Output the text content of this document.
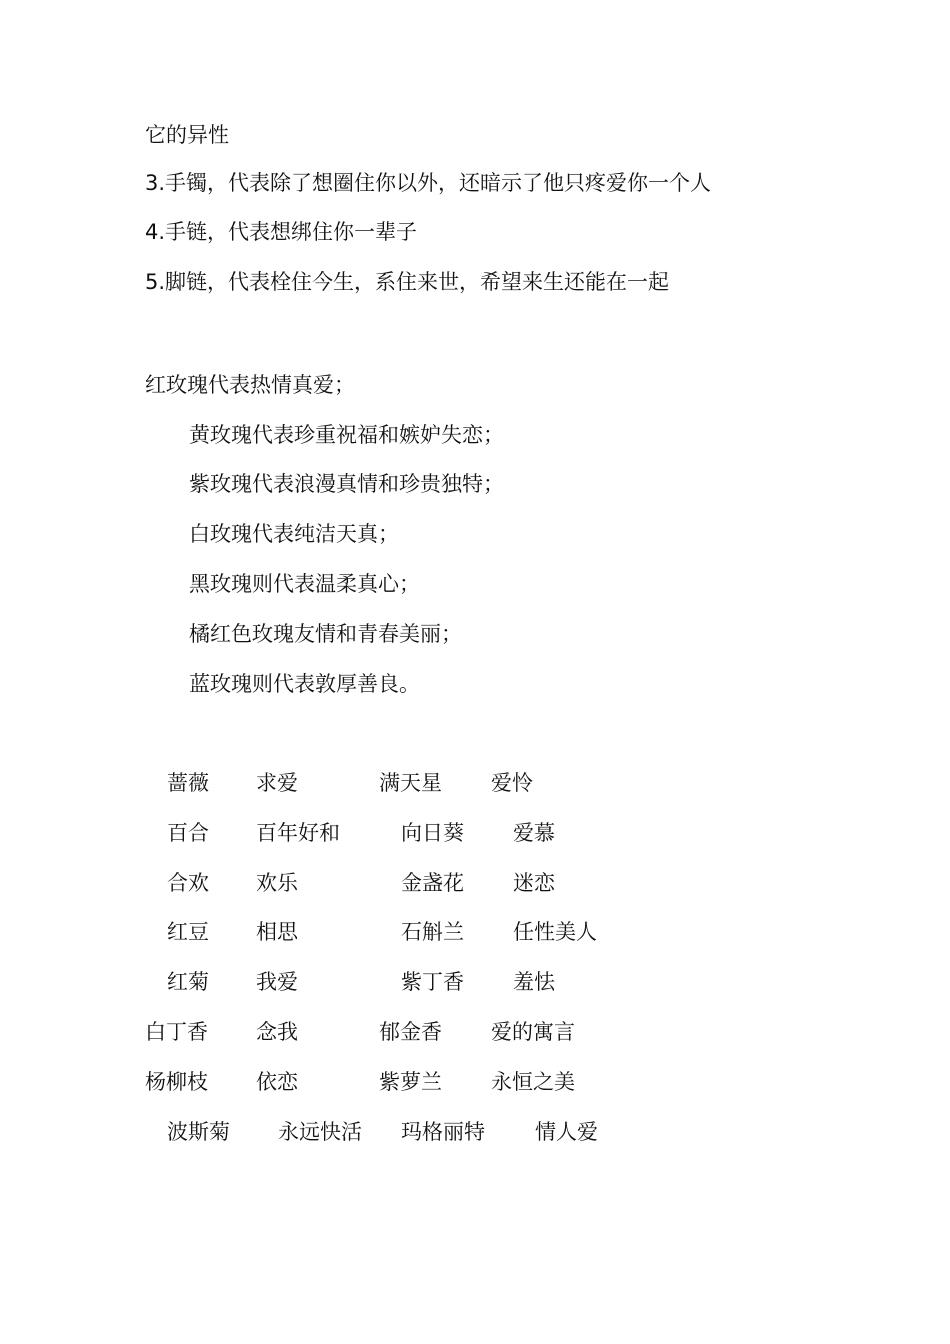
它的异性
3.手镯，代表除了想圈住你以外，还暗示了他只疼爱你一个人
4.手链，代表想绑住你一辈子
5.脚链，代表栓住今生，系住来世，希望来生还能在一起
红玫瑰代表热情真爱；
黄玫瑰代表珍重祝福和嫉妒失恋；
紫玫瑰代表浪漫真情和珍贵独特；
白玫瑰代表纯洁天真；
黑玫瑰则代表温柔真心；
橘红色玫瑰友情和青春美丽；
蓝玫瑰则代表敦厚善良。
蔷薇 求爱	满天星 爱怜
百合 百年好和	向日葵 爱慕
合欢 欢乐	金盏花 迷恋
红豆 相思	石斛兰 任性美人
红菊 我爱	紫丁香 羞怯
白丁香 念我	郁金香 爱的寓言
杨柳枝 依恋	紫萝兰 永恒之美
波斯菊 永远快活 玛格丽特 情人爱
